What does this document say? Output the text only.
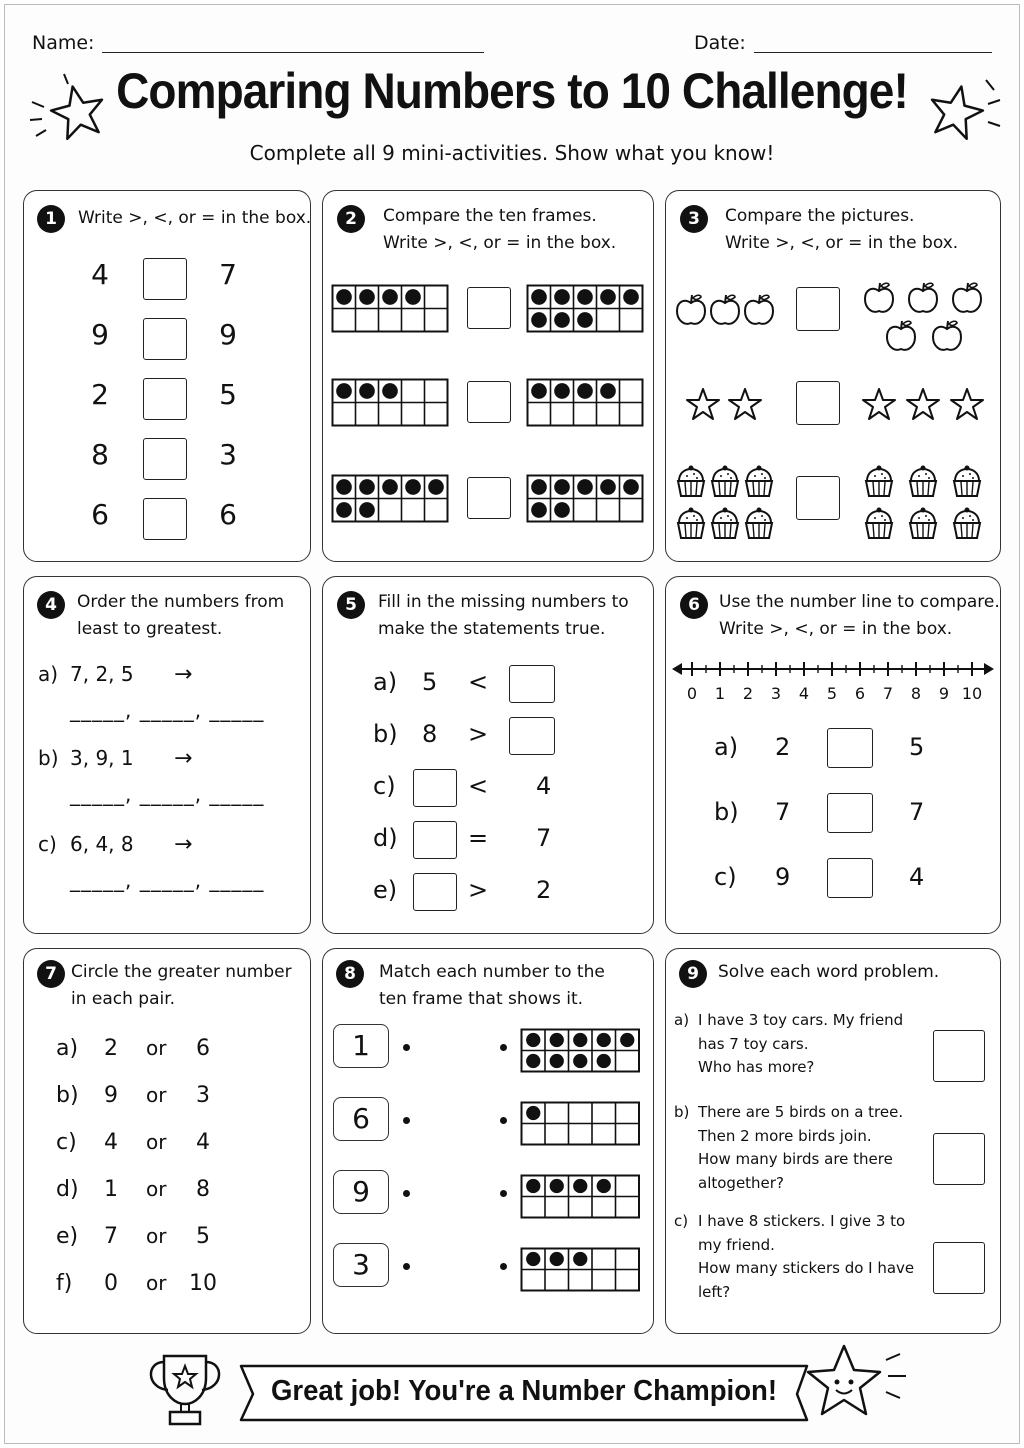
Name:	Date:
Comparing Numbers to 10 Challenge!
Complete all 9 mini-activities. Show what you know!
1	Write >, <, or = in the box.
4	7
9	9
2	5
8	3
6	6
2	Compare the ten frames.
Write >, <, or = in the box.
3	Compare the pictures.
Write >, <, or = in the box.
4	Order the numbers from
least to greatest.
a) 7, 2, 5 →
_____, _____, _____
b) 3, 9, 1 →
_____, _____, _____
c) 6, 4, 8 →
_____, _____, _____
5	Fill in the missing numbers to
make the statements true.
a) 5 <
b) 8 >
c)	< 4
d)	= 7
e)	> 2
6	Use the number line to compare.
Write >, <, or = in the box.
0	1	2	3	4	5	6	7	8	9 10
a) 2	5
b) 7	7
c) 9	4
7 Circle the greater number
in each pair.
a)	2	or	6
b)	9	or	3
c)	4	or	4
d)	1	or	8
e)	7	or	5
f)	0	or 10
8	Match each number to the
ten frame that shows it.
1
6
9
3
9	Solve each word problem.
a) I have 3 toy cars. My friend
has 7 toy cars.
Who has more?
b) There are 5 birds on a tree.
Then 2 more birds join.
How many birds are there
altogether?
c) I have 8 stickers. I give 3 to
my friend.
How many stickers do I have
left?
Great job! You're a Number Champion!
